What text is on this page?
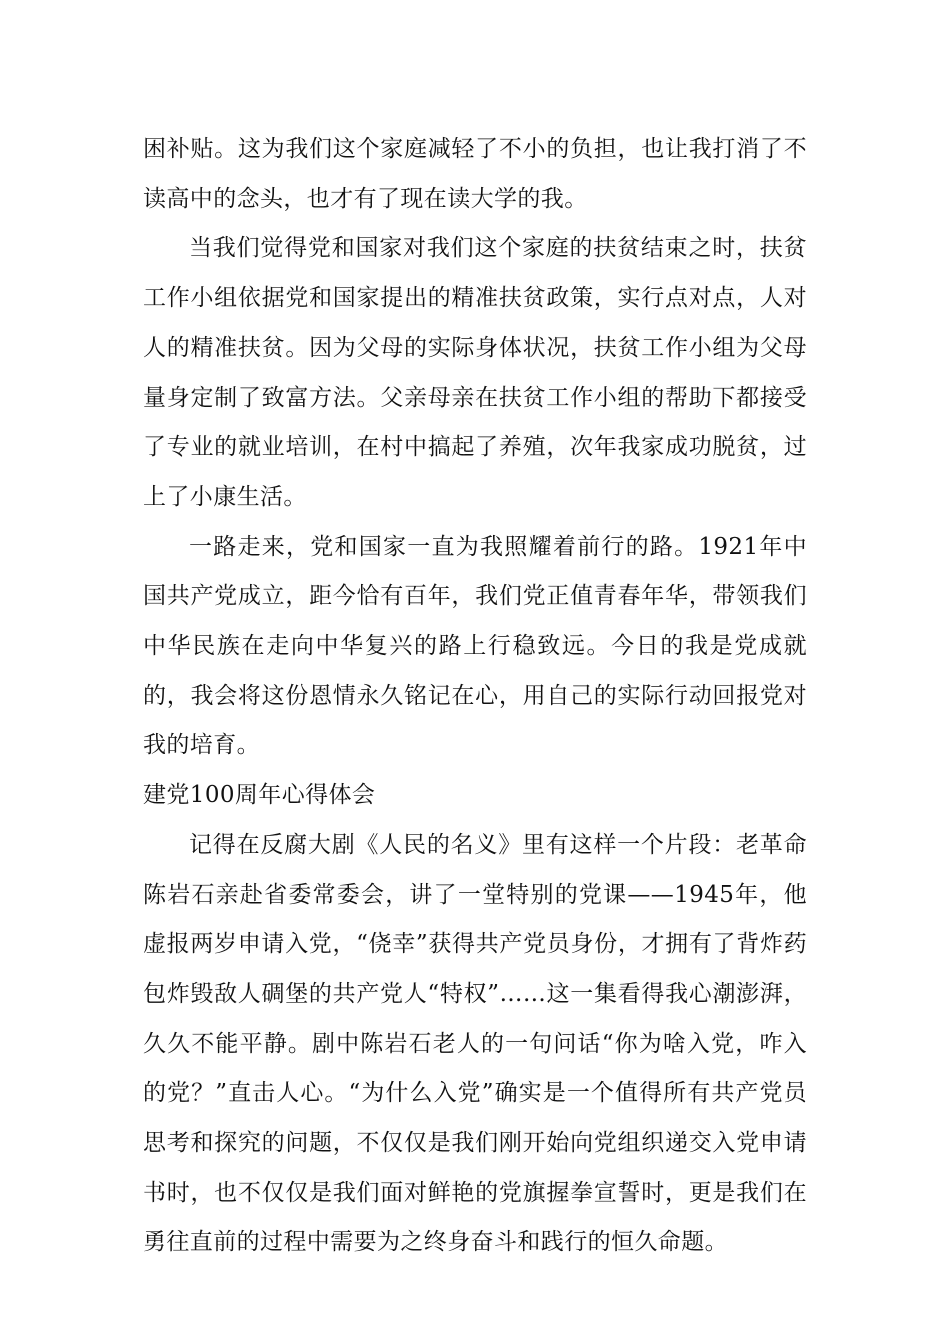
困补贴。这为我们这个家庭减轻了不小的负担，也让我打消了不读高中的念头，也才有了现在读大学的我。

当我们觉得党和国家对我们这个家庭的扶贫结束之时，扶贫工作小组依据党和国家提出的精准扶贫政策，实行点对点，人对人的精准扶贫。因为父母的实际身体状况，扶贫工作小组为父母量身定制了致富方法。父亲母亲在扶贫工作小组的帮助下都接受了专业的就业培训，在村中搞起了养殖，次年我家成功脱贫，过上了小康生活。

一路走来，党和国家一直为我照耀着前行的路。1921年中国共产党成立，距今恰有百年，我们党正值青春年华，带领我们中华民族在走向中华复兴的路上行稳致远。今日的我是党成就的，我会将这份恩情永久铭记在心，用自己的实际行动回报党对我的培育。

建党100周年心得体会

记得在反腐大剧《人民的名义》里有这样一个片段：老革命陈岩石亲赴省委常委会，讲了一堂特别的党课——1945年，他虚报两岁申请入党，“侥幸”获得共产党员身份，才拥有了背炸药包炸毁敌人碉堡的共产党人“特权”……这一集看得我心潮澎湃，久久不能平静。剧中陈岩石老人的一句问话“你为啥入党，咋入的党？”直击人心。“为什么入党”确实是一个值得所有共产党员思考和探究的问题，不仅仅是我们刚开始向党组织递交入党申请书时，也不仅仅是我们面对鲜艳的党旗握拳宣誓时，更是我们在勇往直前的过程中需要为之终身奋斗和践行的恒久命题。
